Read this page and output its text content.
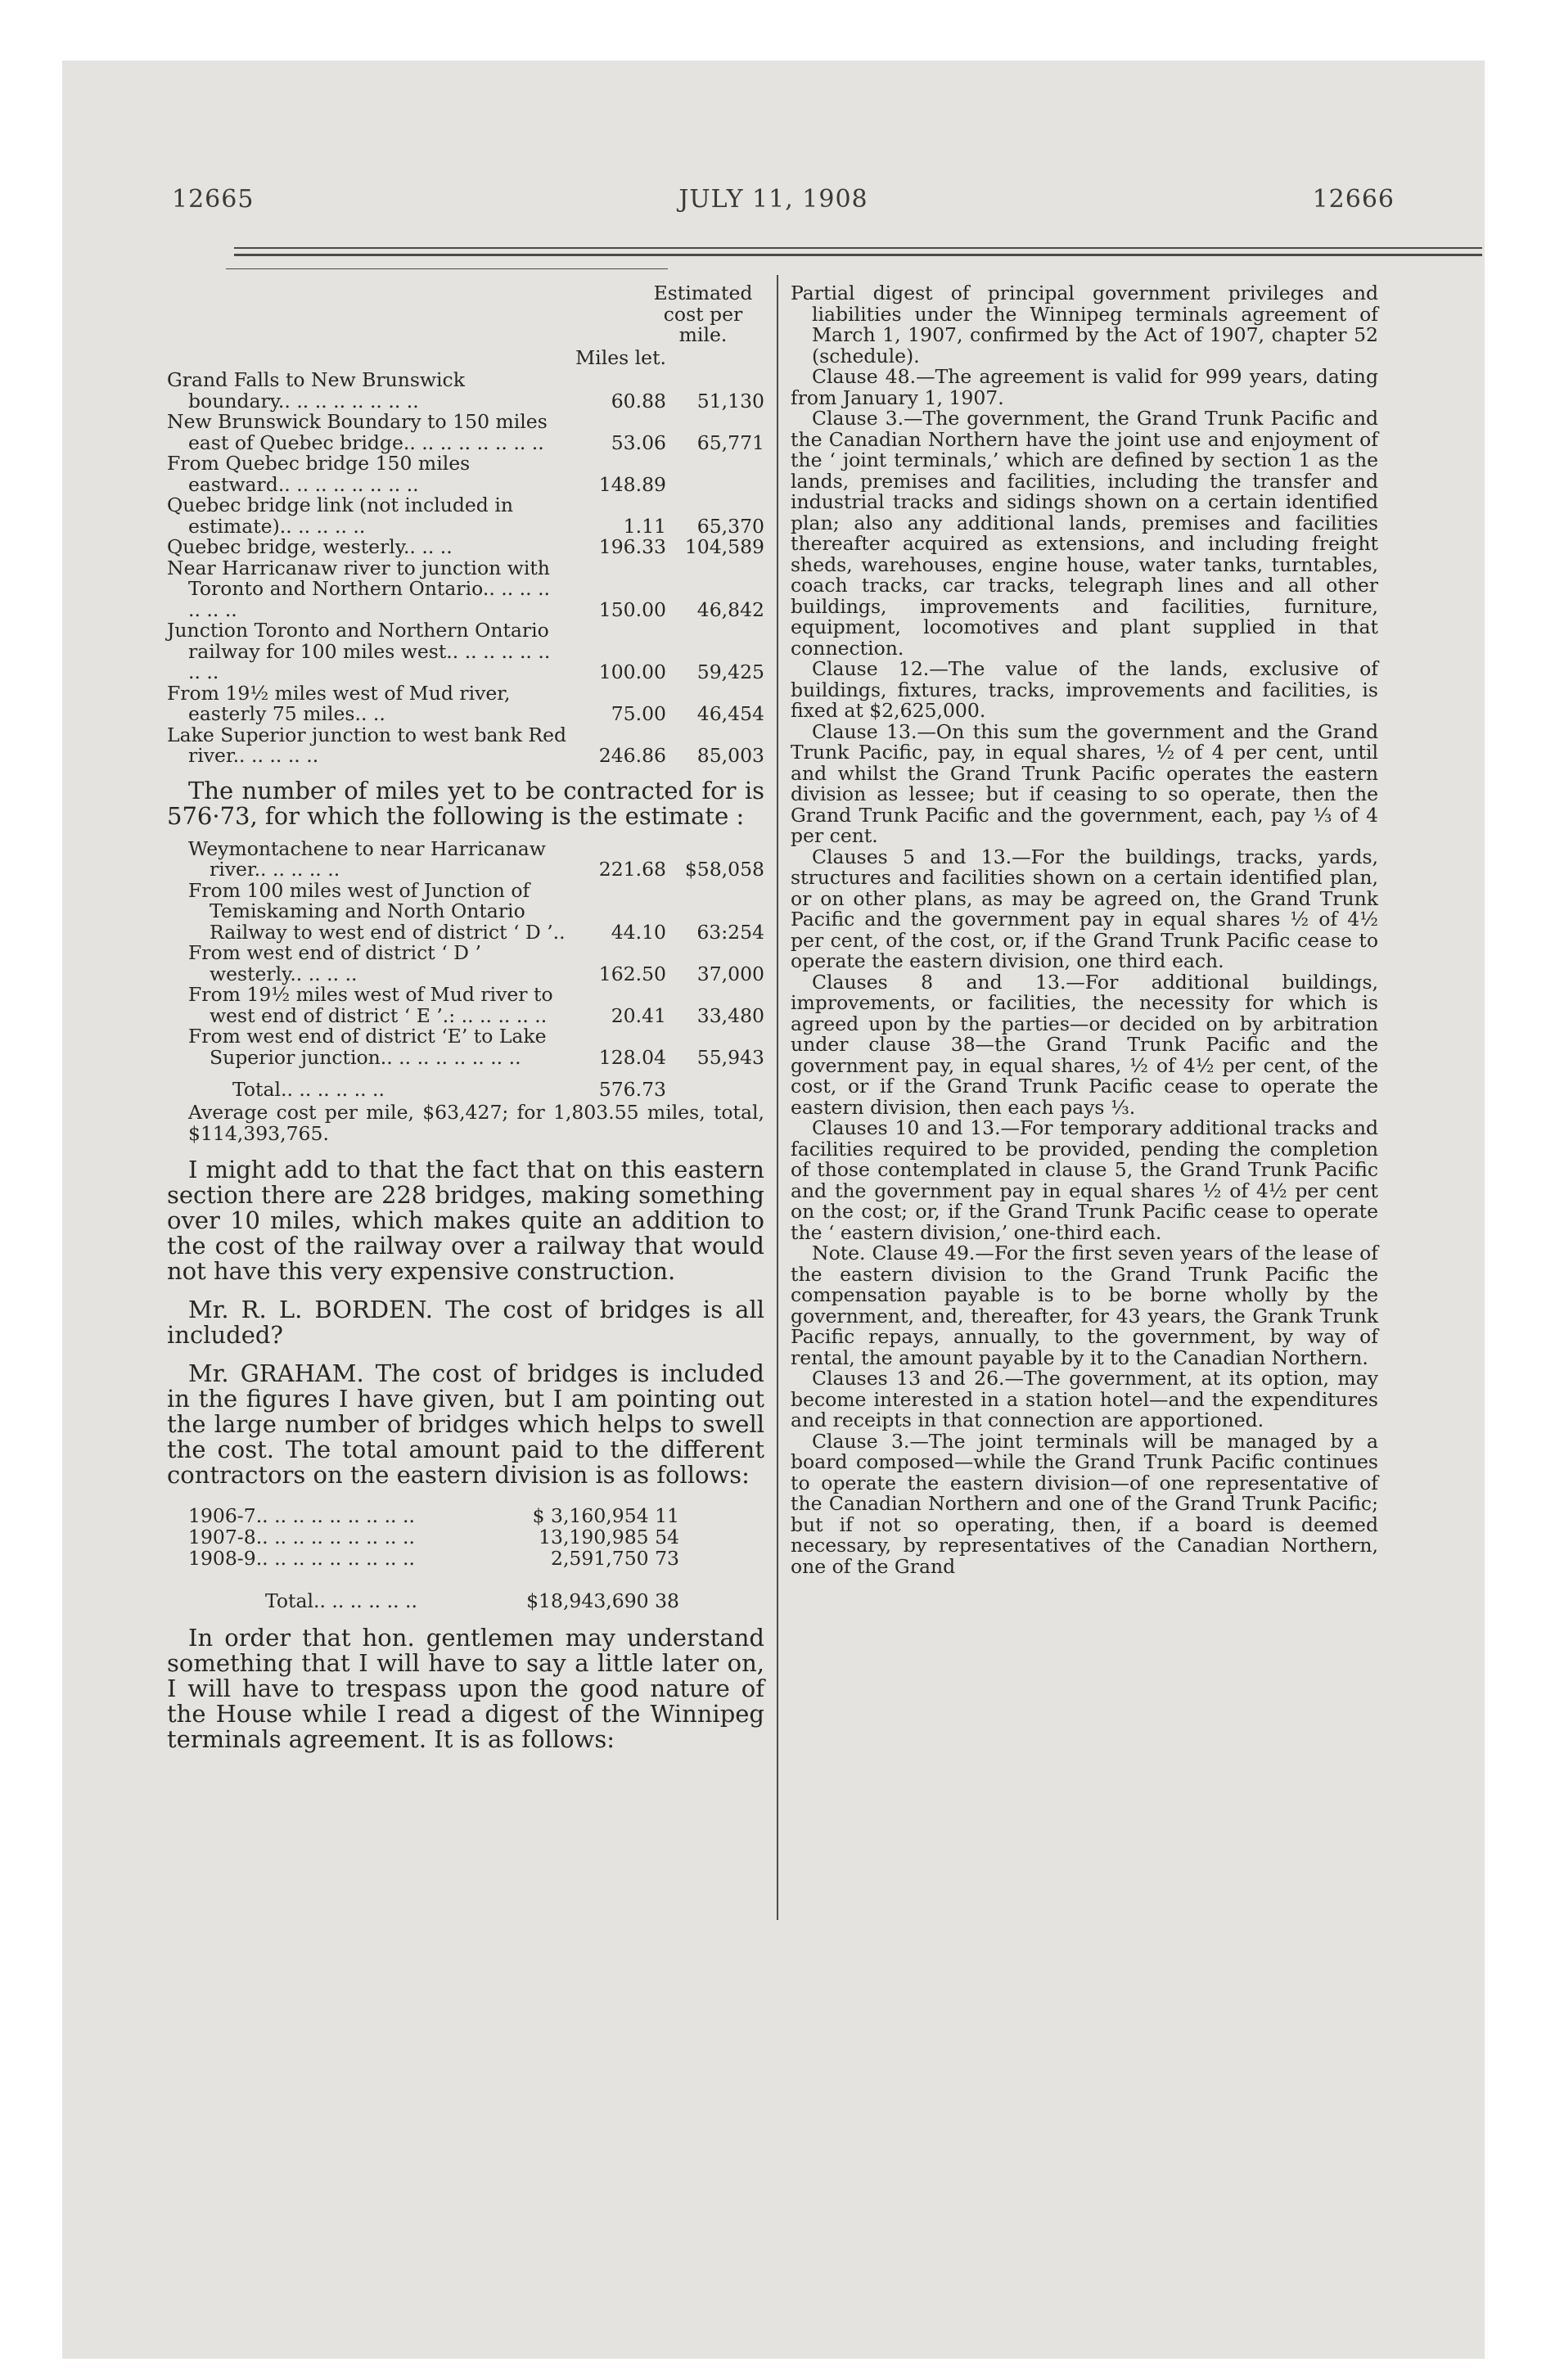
12665	JULY 11, 1908	12666
Estimated cost per mile.
Miles let.
Grand Falls to New Brunswick boundary.. .. .. .. .. .. .. ..	60.88	51,130
New Brunswick Boundary to 150 miles east of Quebec bridge.. .. .. .. .. .. .. ..	53.06	65,771
From Quebec bridge 150 miles eastward.. .. .. .. .. .. .. ..	148.89
Quebec bridge link (not included in estimate).. .. .. .. ..	1.11	65,370
Quebec bridge, westerly.. .. ..	196.33 104,589
Near Harricanaw river to junction with Toronto and Northern Ontario.. .. .. .. .. .. ..	150.00	46,842
Junction Toronto and Northern Ontario railway for 100 miles west.. .. .. .. .. .. .. ..	100.00	59,425
From 19½ miles west of Mud river, easterly 75 miles.. ..	75.00	46,454
Lake Superior junction to west bank Red river.. .. .. .. ..	246.86	85,003

The number of miles yet to be contracted for is 576·73, for which the following is the estimate :

Weymontachene to near Harricanaw river.. .. .. .. ..	221.68 $58,058
From 100 miles west of Junction of Temiskaming and North Ontario Railway to west end of district ‘ D ’..	44.10	63:254
From west end of district ‘ D ’ westerly.. .. .. ..	162.50	37,000
From 19½ miles west of Mud river to west end of district ‘ E ’.: .. .. .. .. ..	20.41	33,480
From west end of district ‘E’ to Lake Superior junction.. .. .. .. .. .. .. ..	128.04	55,943
Total.. .. .. .. .. ..	576.73
Average cost per mile, $63,427; for 1,803.55 miles, total, $114,393,765.

I might add to that the fact that on this eastern section there are 228 bridges, making something over 10 miles, which makes quite an addition to the cost of the railway over a railway that would not have this very expensive construction.

Mr. R. L. BORDEN. The cost of bridges is all included?

Mr. GRAHAM. The cost of bridges is included in the figures I have given, but I am pointing out the large number of bridges which helps to swell the cost. The total amount paid to the different contractors on the eastern division is as follows:

1906-7.. .. .. .. .. .. .. .. ..	$ 3,160,954 11
1907-8.. .. .. .. .. .. .. .. ..	13,190,985 54
1908-9.. .. .. .. .. .. .. .. ..	2,591,750 73
Total.. .. .. .. .. ..	$18,943,690 38

In order that hon. gentlemen may understand something that I will have to say a little later on, I will have to trespass upon the good nature of the House while I read a digest of the Winnipeg terminals agreement. It is as follows:

Partial digest of principal government privileges and liabilities under the Winnipeg terminals agreement of March 1, 1907, confirmed by the Act of 1907, chapter 52 (schedule).

Clause 48.—The agreement is valid for 999 years, dating from January 1, 1907.

Clause 3.—The government, the Grand Trunk Pacific and the Canadian Northern have the joint use and enjoyment of the ‘ joint terminals,’ which are defined by section 1 as the lands, premises and facilities, including the transfer and industrial tracks and sidings shown on a certain identified plan; also any additional lands, premises and facilities thereafter acquired as extensions, and including freight sheds, warehouses, engine house, water tanks, turntables, coach tracks, car tracks, telegraph lines and all other buildings, improvements and facilities, furniture, equipment, locomotives and plant supplied in that connection.

Clause 12.—The value of the lands, exclusive of buildings, fixtures, tracks, improvements and facilities, is fixed at $2,625,000.

Clause 13.—On this sum the government and the Grand Trunk Pacific, pay, in equal shares, ½ of 4 per cent, until and whilst the Grand Trunk Pacific operates the eastern division as lessee; but if ceasing to so operate, then the Grand Trunk Pacific and the government, each, pay ⅓ of 4 per cent.

Clauses 5 and 13.—For the buildings, tracks, yards, structures and facilities shown on a certain identified plan, or on other plans, as may be agreed on, the Grand Trunk Pacific and the government pay in equal shares ½ of 4½ per cent, of the cost, or, if the Grand Trunk Pacific cease to operate the eastern division, one third each.

Clauses 8 and 13.—For additional buildings, improvements, or facilities, the necessity for which is agreed upon by the parties—or decided on by arbitration under clause 38—the Grand Trunk Pacific and the government pay, in equal shares, ½ of 4½ per cent, of the cost, or if the Grand Trunk Pacific cease to operate the eastern division, then each pays ⅓.

Clauses 10 and 13.—For temporary additional tracks and facilities required to be provided, pending the completion of those contemplated in clause 5, the Grand Trunk Pacific and the government pay in equal shares ½ of 4½ per cent on the cost; or, if the Grand Trunk Pacific cease to operate the ‘ eastern division,’ one-third each.

Note. Clause 49.—For the first seven years of the lease of the eastern division to the Grand Trunk Pacific the compensation payable is to be borne wholly by the government, and, thereafter, for 43 years, the Grank Trunk Pacific repays, annually, to the government, by way of rental, the amount payable by it to the Canadian Northern.

Clauses 13 and 26.—The government, at its option, may become interested in a station hotel—and the expenditures and receipts in that connection are apportioned.

Clause 3.—The joint terminals will be managed by a board composed—while the Grand Trunk Pacific continues to operate the eastern division—of one representative of the Canadian Northern and one of the Grand Trunk Pacific; but if not so operating, then, if a board is deemed necessary, by representatives of the Canadian Northern, one of the Grand
